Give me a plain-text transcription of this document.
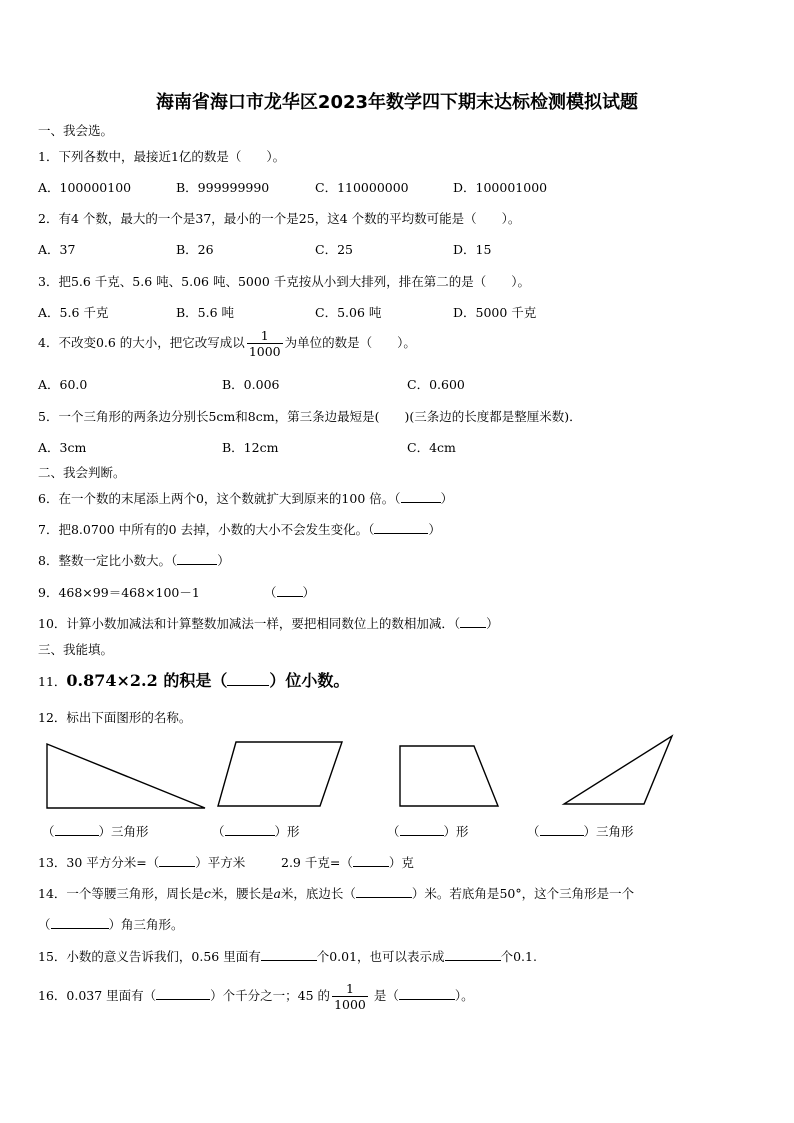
海南省海口市龙华区2023年数学四下期末达标检测模拟试题
一、我会选。
1．下列各数中，最接近1亿的数是（　　）。
A．100000100	B．999999990	C．110000000	D．100001000
2．有4 个数，最大的一个是37，最小的一个是25，这4 个数的平均数可能是（　　）。
A．37	B．26	C．25	D．15
3．把5.6 千克、5.6 吨、5.06 吨、5000 千克按从小到大排列，排在第二的是（　　）。
A．5.6 千克	B．5.6 吨	C．5.06 吨	D．5000 千克
4．不改变0.6 的大小，把它改写成以 $\frac{1}{1000}$ 为单位的数是（　　）。
A．60.0	B．0.006	C．0.600
5．一个三角形的两条边分别长5cm和8cm，第三条边最短是(　　)(三条边的长度都是整厘米数)．
A．3cm	B．12cm	C．4cm
二、我会判断。
6．在一个数的末尾添上两个0，这个数就扩大到原来的100 倍。（	）
7．把8.0700 中所有的0 去掉，小数的大小不会发生变化。（	）
8．整数一定比小数大。（	）
9．468×99＝468×100－1	（ ）
10．计算小数加减法和计算整数加减法一样，要把相同数位上的数相加减．（ ）
三、我能填。
11．0.874×2.2 的积是（	）位小数。
12．标出下面图形的名称。
（	）三角形	（	）形	（	）形	（	）三角形
13．30 平方分米=（	）平方米	2.9 千克=（	）克
14．一个等腰三角形，周长是c米，腰长是a米，底边长（	）米。若底角是50°，这个三角形是一个
（	）角三角形。
15．小数的意义告诉我们，0.56 里面有	个0.01，也可以表示成	个0.1.
16．0.037 里面有（	）个千分之一；45 的 $\frac{1}{1000}$ 是（	）。
